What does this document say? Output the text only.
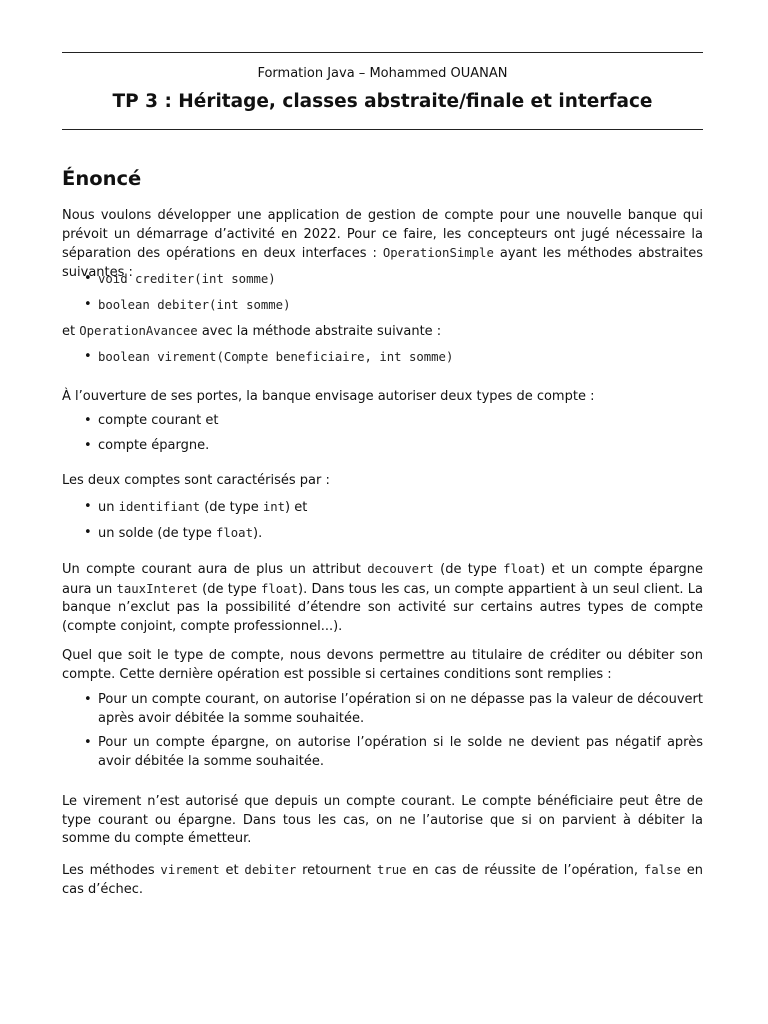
Formation Java – Mohammed OUANAN
TP 3 : Héritage, classes abstraite/finale et interface
Énoncé
Nous voulons développer une application de gestion de compte pour une nouvelle banque qui prévoit un démarrage d’activité en 2022. Pour ce faire, les concepteurs ont jugé nécessaire la séparation des opérations en deux interfaces : OperationSimple ayant les méthodes abstraites suivantes :
• void crediter(int somme)
• boolean debiter(int somme)
et OperationAvancee avec la méthode abstraite suivante :
• boolean virement(Compte beneficiaire, int somme)
À l’ouverture de ses portes, la banque envisage autoriser deux types de compte :
• compte courant et
• compte épargne.
Les deux comptes sont caractérisés par :
• un identifiant (de type int) et
• un solde (de type float).
Un compte courant aura de plus un attribut decouvert (de type float) et un compte épargne aura un tauxInteret (de type float). Dans tous les cas, un compte appartient à un seul client. La banque n’exclut pas la possibilité d’étendre son activité sur certains autres types de compte (compte conjoint, compte professionnel...).
Quel que soit le type de compte, nous devons permettre au titulaire de créditer ou débiter son compte. Cette dernière opération est possible si certaines conditions sont remplies :
• Pour un compte courant, on autorise l’opération si on ne dépasse pas la valeur de découvert après avoir débitée la somme souhaitée.
• Pour un compte épargne, on autorise l’opération si le solde ne devient pas négatif après avoir débitée la somme souhaitée.
Le virement n’est autorisé que depuis un compte courant. Le compte bénéficiaire peut être de type courant ou épargne. Dans tous les cas, on ne l’autorise que si on parvient à débiter la somme du compte émetteur.
Les méthodes virement et debiter retournent true en cas de réussite de l’opération, false en cas d’échec.
